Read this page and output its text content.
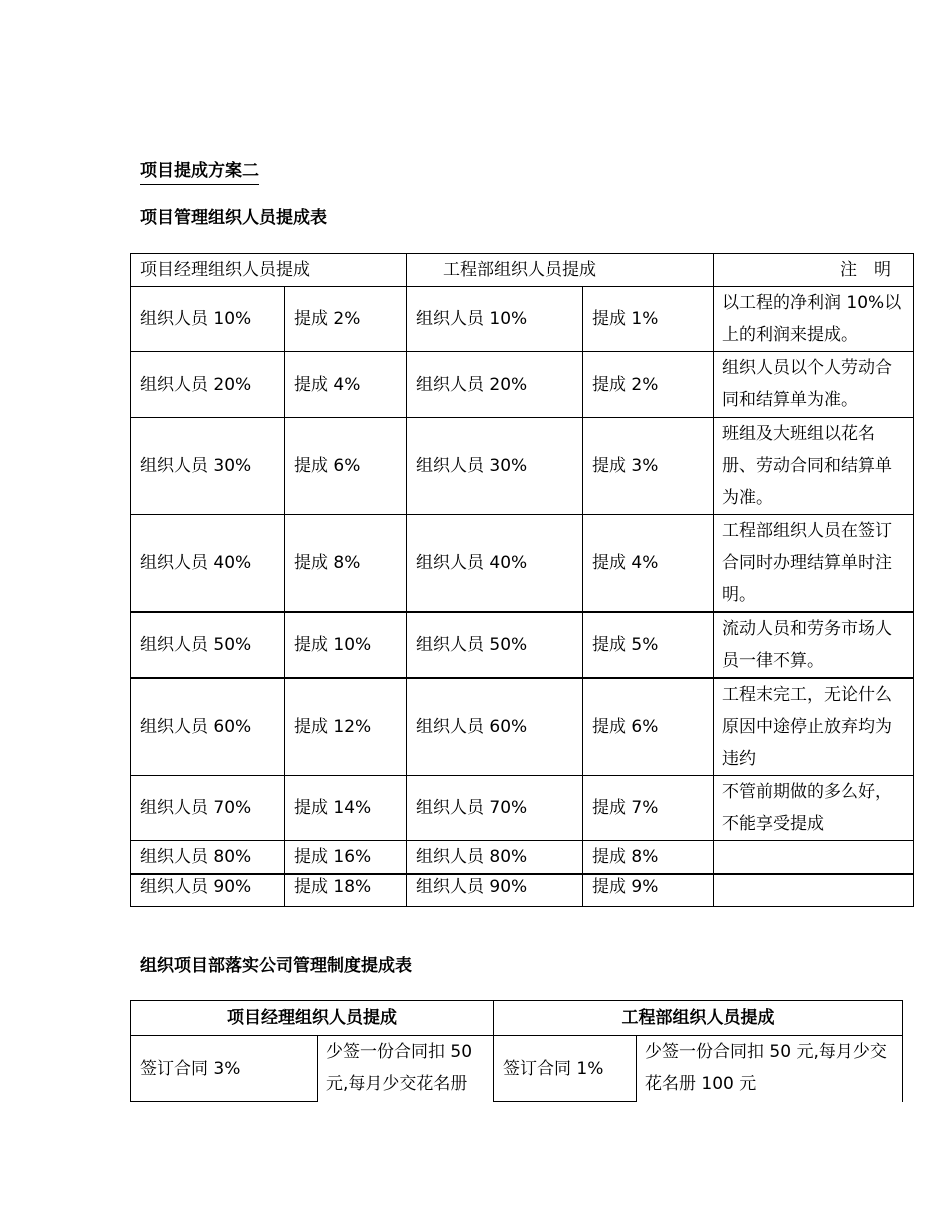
项目提成方案二
项目管理组织人员提成表
项目经理组织人员提成		工程部组织人员提成		注　明
组织人员 10%	提成 2%	组织人员 10%	提成 1%	以工程的净利润 10%以上的利润来提成。
组织人员 20%	提成 4%	组织人员 20%	提成 2%	组织人员以个人劳动合同和结算单为准。
组织人员 30%	提成 6%	组织人员 30%	提成 3%	班组及大班组以花名册、劳动合同和结算单为准。
组织人员 40%	提成 8%	组织人员 40%	提成 4%	工程部组织人员在签订合同时办理结算单时注明。
组织人员 50%	提成 10%	组织人员 50%	提成 5%	流动人员和劳务市场人员一律不算。
组织人员 60%	提成 12%	组织人员 60%	提成 6%	工程末完工，无论什么原因中途停止放弃均为违约
组织人员 70%	提成 14%	组织人员 70%	提成 7%	不管前期做的多么好，不能享受提成
组织人员 80%	提成 16%	组织人员 80%	提成 8%	
组织人员 90%	提成 18%	组织人员 90%	提成 9%	
组织项目部落实公司管理制度提成表
项目经理组织人员提成		工程部组织人员提成	
签订合同 3%	少签一份合同扣 50 元,每月少交花名册	签订合同 1%	少签一份合同扣 50 元,每月少交花名册 100 元
